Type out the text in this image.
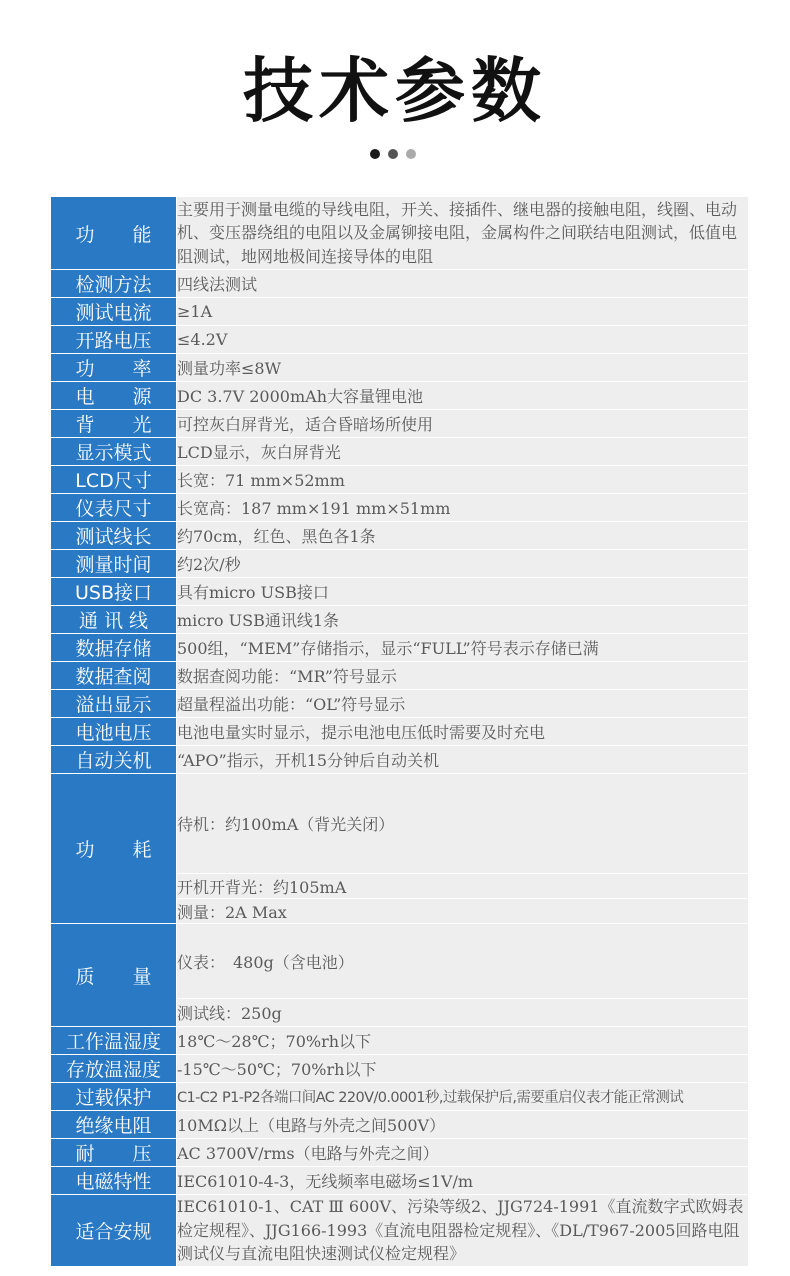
技术参数
功　　能	主要用于测量电缆的导线电阻，开关、接插件、继电器的接触电阻，线圈、电动机、变压器绕组的电阻以及金属铆接电阻，金属构件之间联结电阻测试，低值电阻测试，地网地极间连接导体的电阻
检测方法	四线法测试
测试电流	≥1A
开路电压	≤4.2V
功　　率	测量功率≤8W
电　　源	DC 3.7V 2000mAh大容量锂电池
背　　光	可控灰白屏背光，适合昏暗场所使用
显示模式	LCD显示，灰白屏背光
LCD尺寸	长宽：71 mm×52mm
仪表尺寸	长宽高：187 mm×191 mm×51mm
测试线长	约70cm，红色、黑色各1条
测量时间	约2次/秒
USB接口	具有micro USB接口
通 讯 线	micro USB通讯线1条
数据存储	500组，“MEM”存储指示，显示“FULL”符号表示存储已满
数据查阅	数据查阅功能：“MR”符号显示
溢出显示	超量程溢出功能：“OL”符号显示
电池电压	电池电量实时显示，提示电池电压低时需要及时充电
自动关机	“APO”指示，开机15分钟后自动关机
功　　耗	待机：约100mA（背光关闭）
	开机开背光：约105mA
	测量：2A Max
质　　量	仪表：　480g（含电池）
	测试线：250g
工作温湿度	18℃～28℃；70%rh以下
存放温湿度	-15℃～50℃；70%rh以下
过载保护	C1-C2 P1-P2各端口间AC 220V/0.0001秒,过载保护后,需要重启仪表才能正常测试
绝缘电阻	10MΩ以上（电路与外壳之间500V）
耐　　压	AC 3700V/rms（电路与外壳之间）
电磁特性	IEC61010-4-3，无线频率电磁场≤1V/m
适合安规	IEC61010-1、CAT Ⅲ 600V、污染等级2、JJG724-1991《直流数字式欧姆表检定规程》、JJG166-1993《直流电阻器检定规程》、《DL/T967-2005回路电阻测试仪与直流电阻快速测试仪检定规程》
